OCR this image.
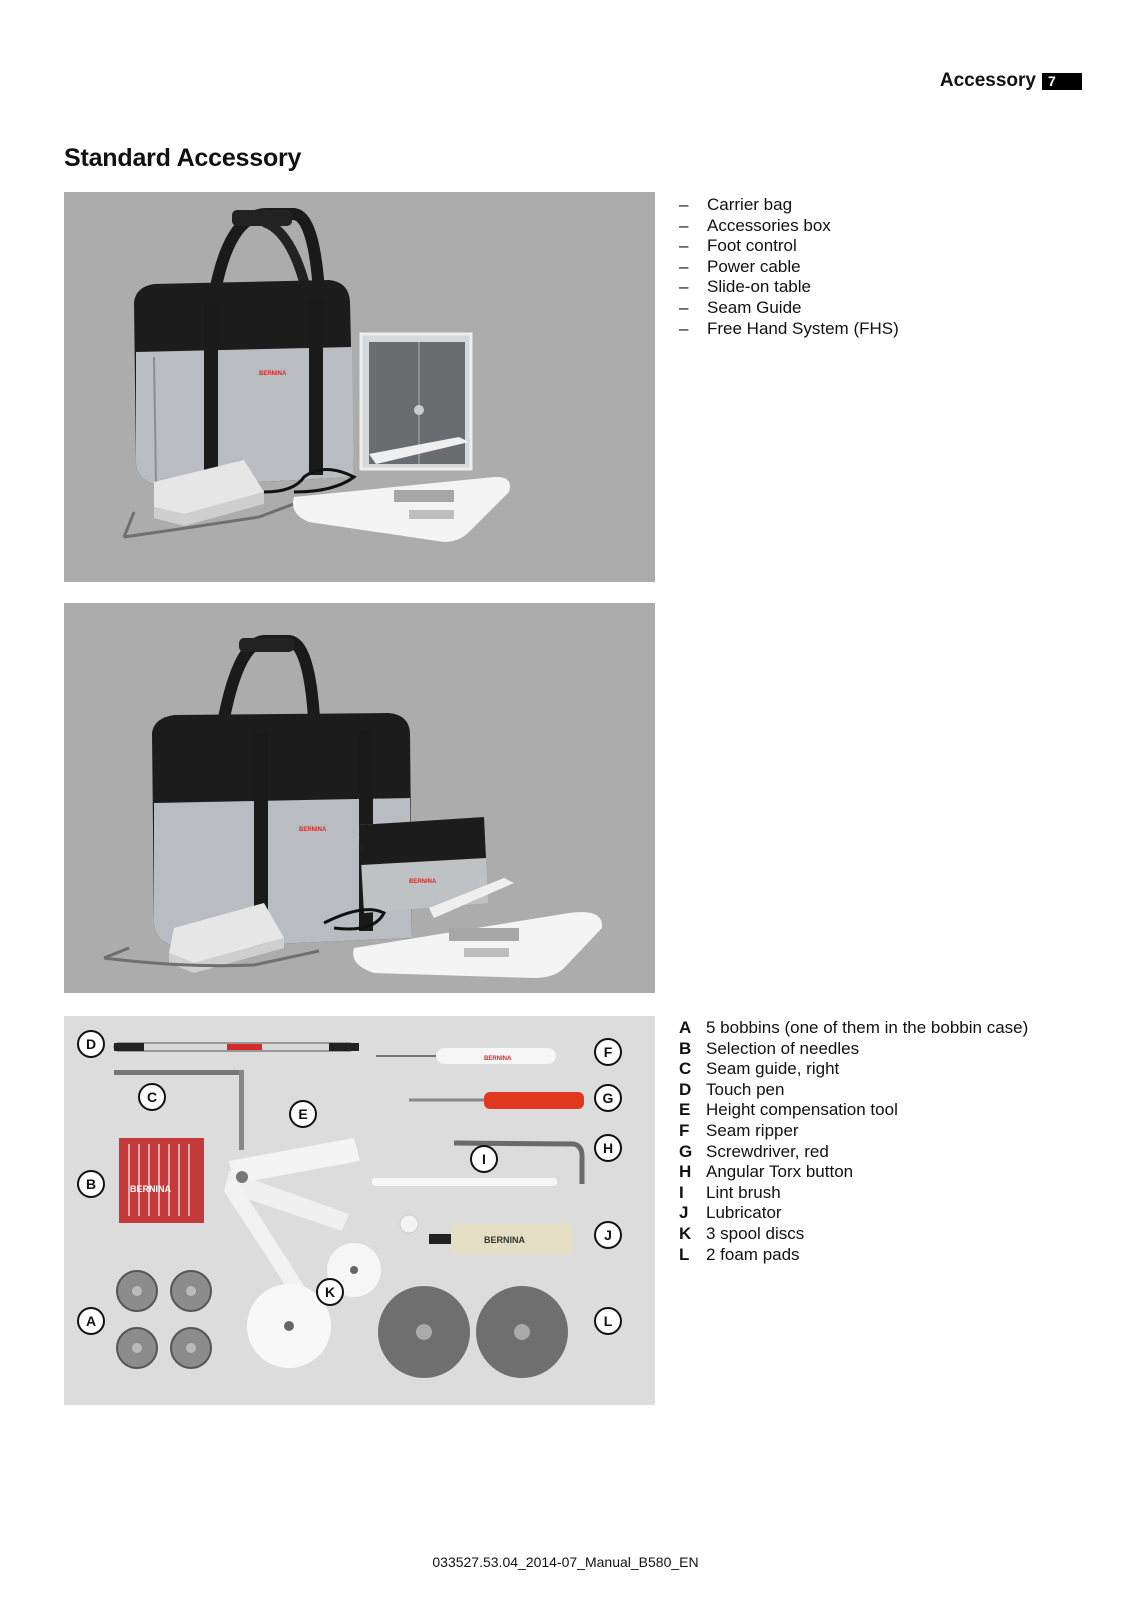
Accessory 7
Standard Accessory
BERNINA
–	Carrier bag
–	Accessories box
–	Foot control
–	Power cable
–	Slide-on table
–	Seam Guide
–	Free Hand System (FHS)
BERNINA
BERNINA
BERNINA
BERNINA
BERNINA
D
C
E
B
F
G
H
I
J
K
A	L
A 5 bobbins (one of them in the bobbin case)
B Selection of needles
C Seam guide, right
D Touch pen
E Height compensation tool
F Seam ripper
G Screwdriver, red
H Angular Torx button
I	Lint brush
J	Lubricator
K 3 spool discs
L 2 foam pads
033527.53.04_2014-07_Manual_B580_EN
